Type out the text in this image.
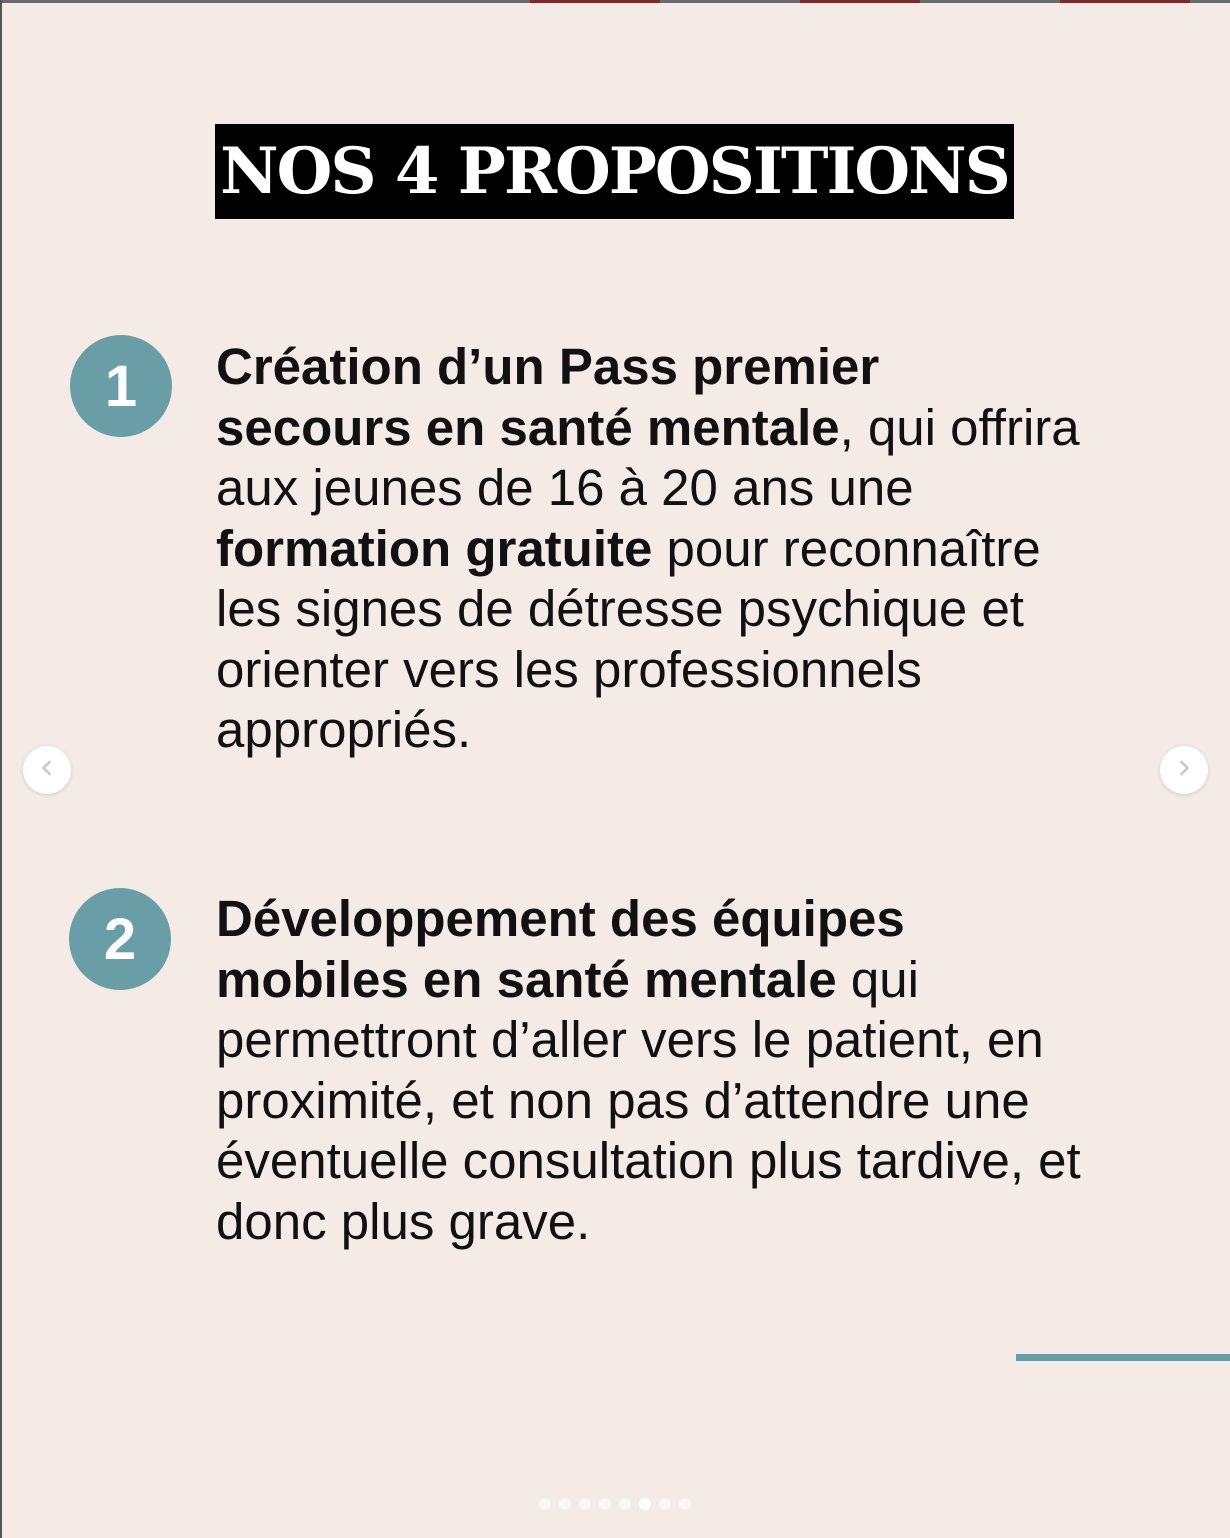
NOS 4 PROPOSITIONS
1 Création d’un Pass premier secours en santé mentale, qui offrira aux jeunes de 16 à 20 ans une formation gratuite pour reconnaître les signes de détresse psychique et orienter vers les professionnels appropriés.
2 Développement des équipes mobiles en santé mentale qui permettront d’aller vers le patient, en proximité, et non pas d’attendre une éventuelle consultation plus tardive, et donc plus grave.
